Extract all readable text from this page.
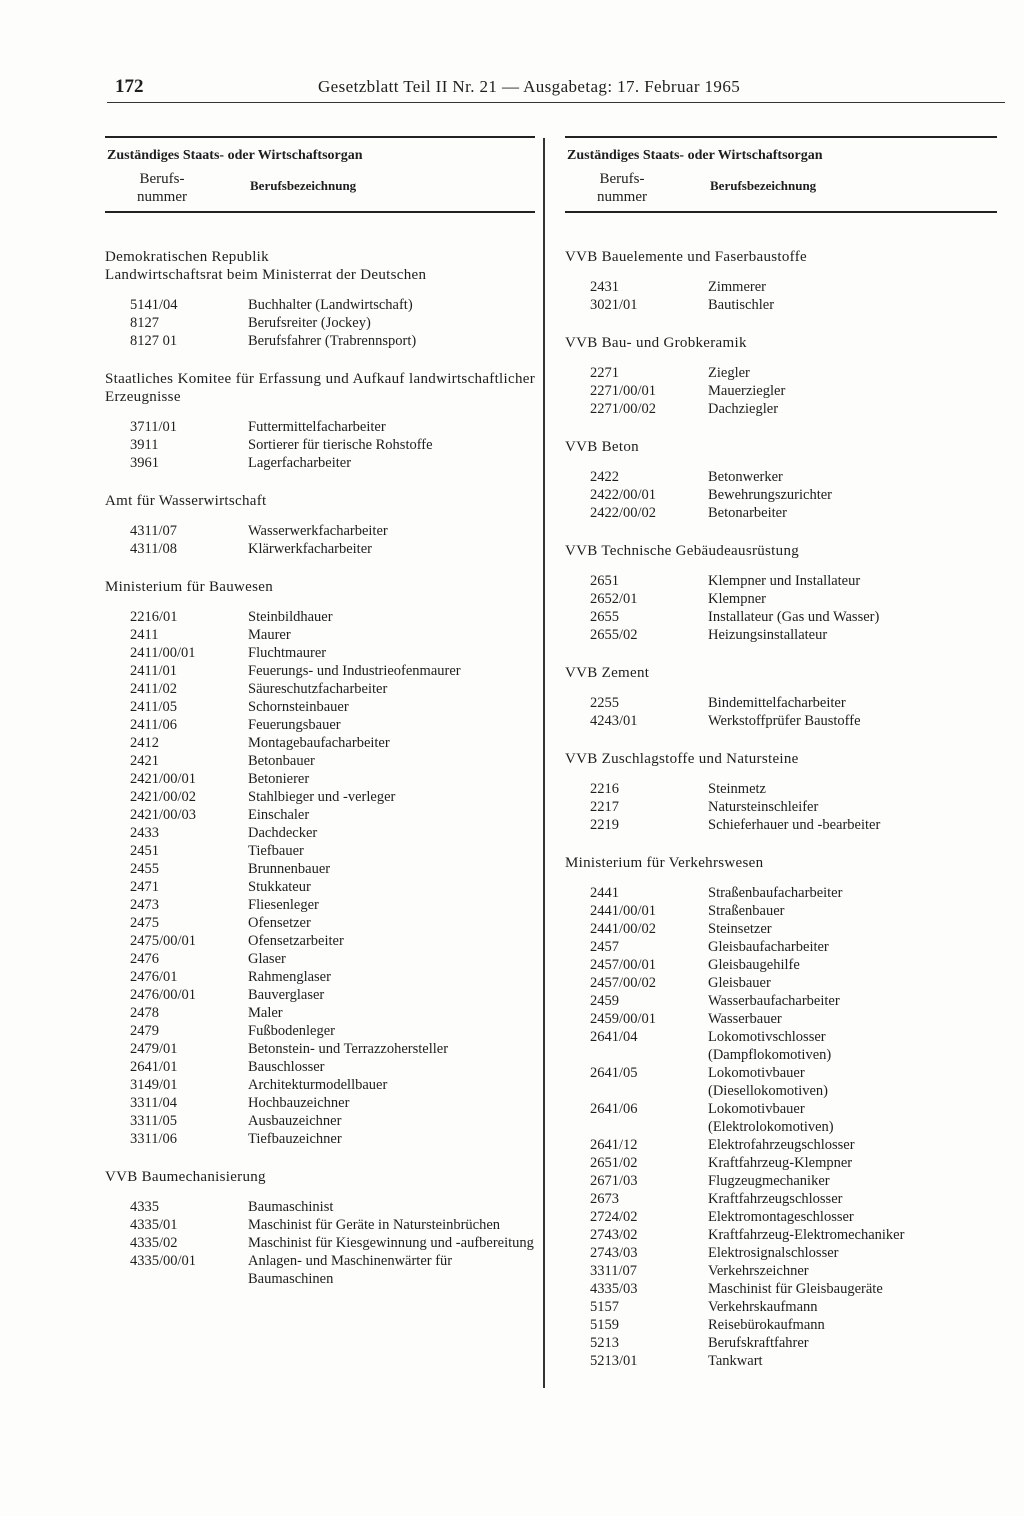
172	Gesetzblatt Teil II Nr. 21 — Ausgabetag: 17. Februar 1965
Zuständiges Staats- oder Wirtschaftsorgan
Berufs-
nummer
Berufsbezeichnung
Demokratischen Republik
Landwirtschaftsrat beim Ministerrat der Deutschen
5141/04	Buchhalter (Landwirtschaft)
8127	Berufsreiter (Jockey)
8127 01	Berufsfahrer (Trabrennsport)
Staatliches Komitee für Erfassung und Aufkauf landwirtschaftlicher Erzeugnisse
3711/01	Futtermittelfacharbeiter
3911	Sortierer für tierische Rohstoffe
3961	Lagerfacharbeiter
Amt für Wasserwirtschaft
4311/07	Wasserwerkfacharbeiter
4311/08	Klärwerkfacharbeiter
Ministerium für Bauwesen
2216/01	Steinbildhauer
2411	Maurer
2411/00/01	Fluchtmaurer
2411/01	Feuerungs- und Industrieofenmaurer
2411/02	Säureschutzfacharbeiter
2411/05	Schornsteinbauer
2411/06	Feuerungsbauer
2412	Montagebaufacharbeiter
2421	Betonbauer
2421/00/01	Betonierer
2421/00/02	Stahlbieger und -verleger
2421/00/03	Einschaler
2433	Dachdecker
2451	Tiefbauer
2455	Brunnenbauer
2471	Stukkateur
2473	Fliesenleger
2475	Ofensetzer
2475/00/01	Ofensetzarbeiter
2476	Glaser
2476/01	Rahmenglaser
2476/00/01	Bauverglaser
2478	Maler
2479	Fußbodenleger
2479/01	Betonstein- und Terrazzohersteller
2641/01	Bauschlosser
3149/01	Architekturmodellbauer
3311/04	Hochbauzeichner
3311/05	Ausbauzeichner
3311/06	Tiefbauzeichner
VVB Baumechanisierung
4335	Baumaschinist
4335/01	Maschinist für Geräte in Natursteinbrüchen
4335/02	Maschinist für Kiesgewinnung und -aufbereitung
4335/00/01	Anlagen- und Maschinenwärter für Baumaschinen
Zuständiges Staats- oder Wirtschaftsorgan
Berufs-
nummer
Berufsbezeichnung
VVB Bauelemente und Faserbaustoffe
2431	Zimmerer
3021/01	Bautischler
VVB Bau- und Grobkeramik
2271	Ziegler
2271/00/01	Mauerziegler
2271/00/02	Dachziegler
VVB Beton
2422	Betonwerker
2422/00/01	Bewehrungszurichter
2422/00/02	Betonarbeiter
VVB Technische Gebäudeausrüstung
2651	Klempner und Installateur
2652/01	Klempner
2655	Installateur (Gas und Wasser)
2655/02	Heizungsinstallateur
VVB Zement
2255	Bindemittelfacharbeiter
4243/01	Werkstoffprüfer Baustoffe
VVB Zuschlagstoffe und Natursteine
2216	Steinmetz
2217	Natursteinschleifer
2219	Schieferhauer und -bearbeiter
Ministerium für Verkehrswesen
2441	Straßenbaufacharbeiter
2441/00/01	Straßenbauer
2441/00/02	Steinsetzer
2457	Gleisbaufacharbeiter
2457/00/01	Gleisbaugehilfe
2457/00/02	Gleisbauer
2459	Wasserbaufacharbeiter
2459/00/01	Wasserbauer
2641/04	Lokomotivschlosser
(Dampflokomotiven)
2641/05	Lokomotivbauer
(Diesellokomotiven)
2641/06	Lokomotivbauer
(Elektrolokomotiven)
2641/12	Elektrofahrzeugschlosser
2651/02	Kraftfahrzeug-Klempner
2671/03	Flugzeugmechaniker
2673	Kraftfahrzeugschlosser
2724/02	Elektromontageschlosser
2743/02	Kraftfahrzeug-Elektromechaniker
2743/03	Elektrosignalschlosser
3311/07	Verkehrszeichner
4335/03	Maschinist für Gleisbaugeräte
5157	Verkehrskaufmann
5159	Reisebürokaufmann
5213	Berufskraftfahrer
5213/01	Tankwart
